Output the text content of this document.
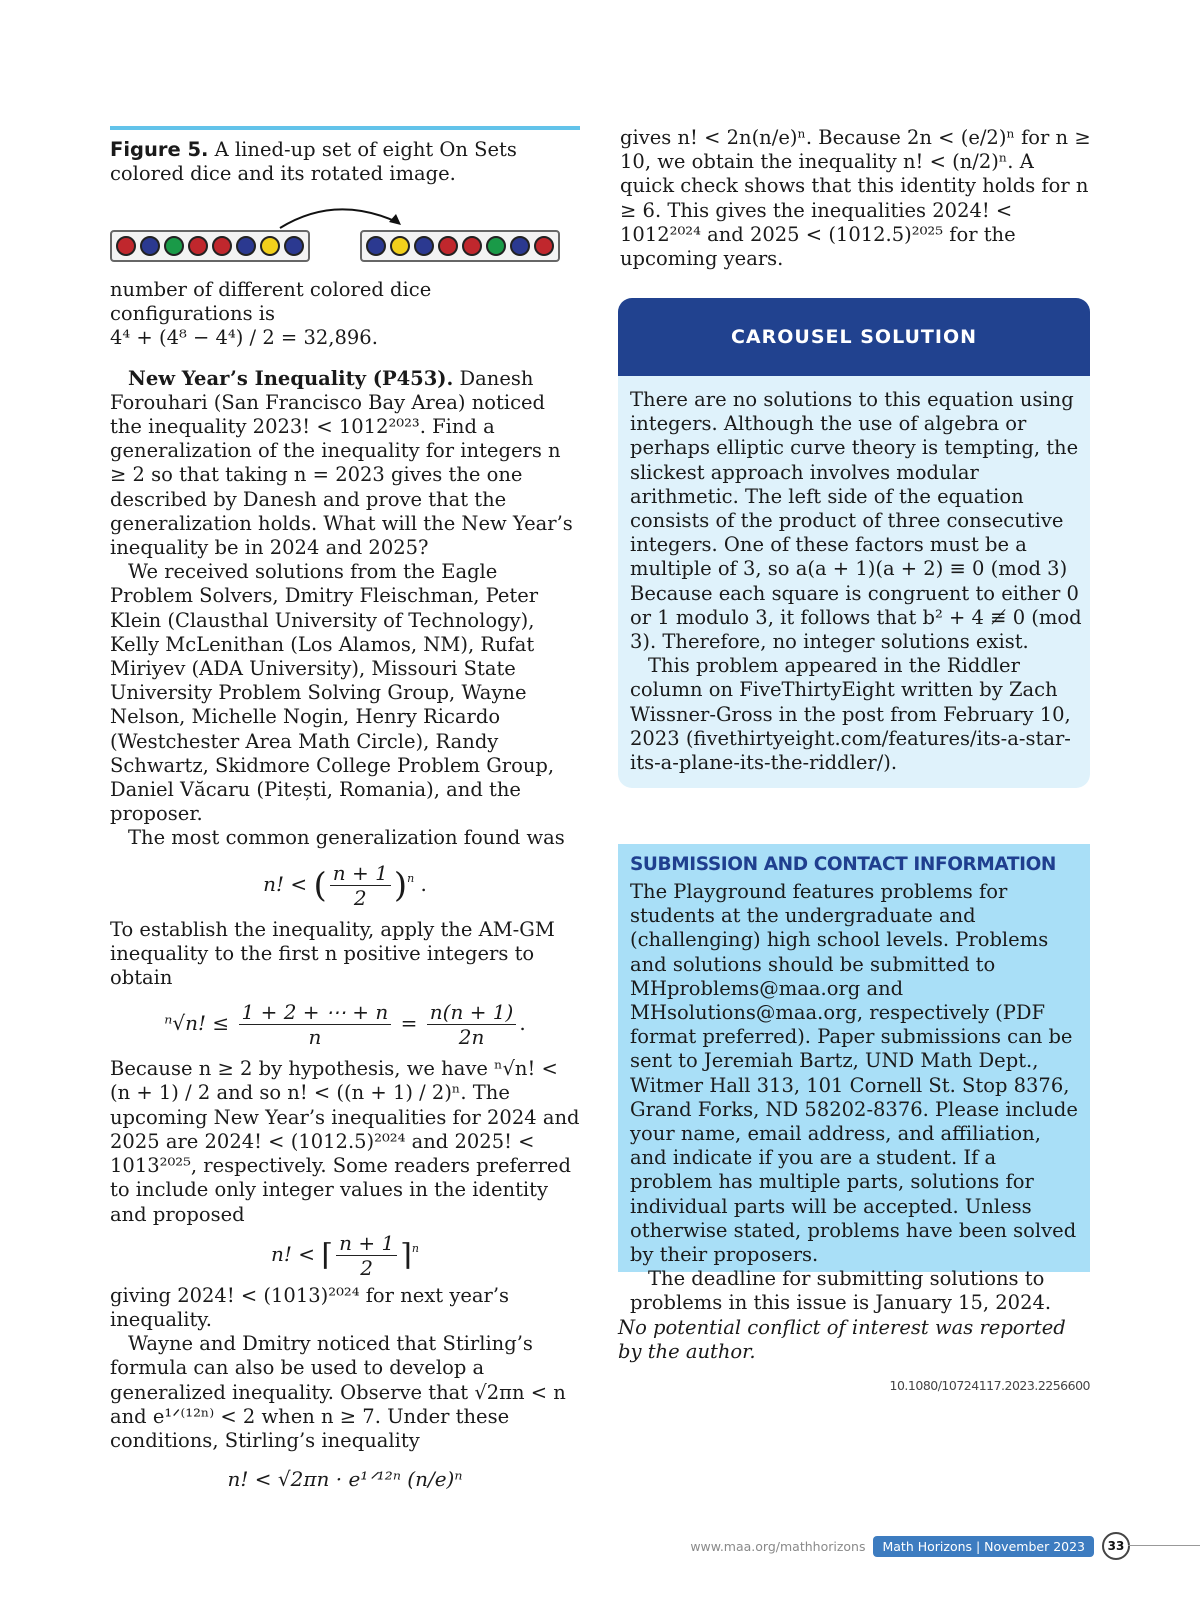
Figure 5. A lined-up set of eight On Sets colored dice and its rotated image.

number of different colored dice configurations is

4⁴ + (4⁸ − 4⁴) / 2 = 32,896.

New Year’s Inequality (P453). Danesh Forouhari (San Francisco Bay Area) noticed the inequality 2023! < 1012²⁰²³. Find a generalization of the inequality for integers n ≥ 2 so that taking n = 2023 gives the one described by Danesh and prove that the generalization holds. What will the New Year’s inequality be in 2024 and 2025?

We received solutions from the Eagle Problem Solvers, Dmitry Fleischman, Peter Klein (Clausthal University of Technology), Kelly McLenithan (Los Alamos, NM), Rufat Miriyev (ADA University), Missouri State University Problem Solving Group, Wayne Nelson, Michelle Nogin, Henry Ricardo (Westchester Area Math Circle), Randy Schwartz, Skidmore College Problem Group, Daniel Văcaru (Pitești, Romania), and the proposer.

The most common generalization found was

n! < ( $\frac{n + 1}{2} )^n$ .

To establish the inequality, apply the AM-GM inequality to the first n positive integers to obtain

ⁿ√n! ≤ $\frac{1 + 2 + \cdots + n}{n} = \frac{n(n + 1)}{2n}$ .

Because n ≥ 2 by hypothesis, we have ⁿ√n! < (n + 1) / 2 and so n! < ((n + 1) / 2)ⁿ. The upcoming New Year’s inequalities for 2024 and 2025 are 2024! < (1012.5)²⁰²⁴ and 2025! < 1013²⁰²⁵, respectively. Some readers preferred to include only integer values in the identity and proposed

n! < ⌈ $\frac{n + 1}{2}$ ⌉$^n$

giving 2024! < (1013)²⁰²⁴ for next year’s inequality.

Wayne and Dmitry noticed that Stirling’s formula can also be used to develop a generalized inequality. Observe that √2πn < n and e¹ᐟ⁽¹²ⁿ⁾ < 2 when n ≥ 7. Under these conditions, Stirling’s inequality

n! < √2πn · e¹ᐟ¹²ⁿ (n/e)ⁿ

gives n! < 2n(n/e)ⁿ. Because 2n < (e/2)ⁿ for n ≥ 10, we obtain the inequality n! < (n/2)ⁿ. A quick check shows that this identity holds for n ≥ 6. This gives the inequalities 2024! < 1012²⁰²⁴ and 2025 < (1012.5)²⁰²⁵ for the upcoming years.

CAROUSEL SOLUTION

There are no solutions to this equation using integers. Although the use of algebra or perhaps elliptic curve theory is tempting, the slickest approach involves modular arithmetic. The left side of the equation consists of the product of three consecutive integers. One of these factors must be a multiple of 3, so a(a + 1)(a + 2) ≡ 0 (mod 3) Because each square is congruent to either 0 or 1 modulo 3, it follows that b² + 4 ≢ 0 (mod 3). Therefore, no integer solutions exist.

This problem appeared in the Riddler column on FiveThirtyEight written by Zach Wissner-Gross in the post from February 10, 2023 (fivethirtyeight.com/features/its-a-star-its-a-plane-its-the-riddler/).

SUBMISSION AND CONTACT INFORMATION

The Playground features problems for students at the undergraduate and (challenging) high school levels. Problems and solutions should be submitted to MHproblems@maa.org and MHsolutions@maa.org, respectively (PDF format preferred). Paper submissions can be sent to Jeremiah Bartz, UND Math Dept., Witmer Hall 313, 101 Cornell St. Stop 8376, Grand Forks, ND 58202-8376. Please include your name, email address, and affiliation, and indicate if you are a student. If a problem has multiple parts, solutions for individual parts will be accepted. Unless otherwise stated, problems have been solved by their proposers.

The deadline for submitting solutions to problems in this issue is January 15, 2024.

No potential conflict of interest was reported by the author.
10.1080/10724117.2023.2256600
www.maa.org/mathhorizons	Math Horizons | November 2023	33
